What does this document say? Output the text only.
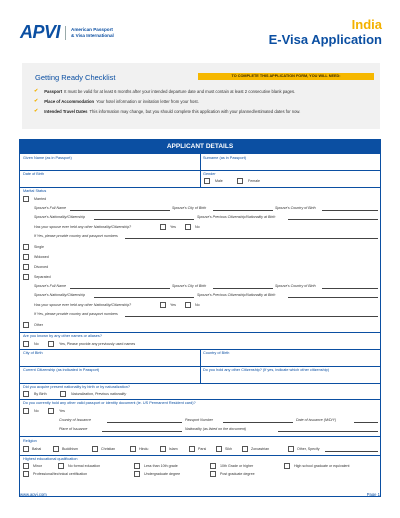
APVI American Passport
& Visa International
India
E-Visa Application
Getting Ready Checklist	TO COMPLETE THIS APPLICATION FORM, YOU WILL NEED:
✔ Passport It must be valid for at least 6 months after your intended departure date and must contain at least 2 consecutive blank pages.
✔ Place of Accommodation Your hotel information or invitation letter from your host.
✔ Intended Travel Dates This information may change, but you should complete this application with your planned/estimated dates for now.
APPLICANT DETAILS
Given Name (as in Passport)	Surname (as in Passport)
Date of Birth	Gender
Male	Female
Marital Status
Married
Spouse's Full Name	Spouse's City of Birth	Spouse's Country of Birth
Spouse's Nationality/Citizenship	Spouse's Previous Citizenship/Nationality at Birth
Has your spouse ever held any other Nationality/Citizenship?	Yes	No
If Yes, please provide country and passport numbers
Single
Widowed
Divorced
Separated
Spouse's Full Name	Spouse's City of Birth	Spouse's Country of Birth
Spouse's Nationality/Citizenship	Spouse's Previous Citizenship/Nationality at Birth
Has your spouse ever held any other Nationality/Citizenship?	Yes	No
If Yes, please provide country and passport numbers
Other
Are you known by any other names or aliases?
No	Yes, Please provide any previously used names
City of Birth	Country of Birth
Current Citizenship (as indicated in Passport)	Do you hold any other Citizenship? (If yes, indicate which other citizenship)
Did you acquire present nationality by birth or by naturalization?
By Birth	Naturalization, Previous nationality
Do you currently hold any other valid passport or identity document (ie. US Permanent Resident card)?
No	Yes
Country of Issuance	Passport Number	Date of issuance (M/D/Y)
Place of Issuance	Nationality (as listed on the document)
Religion
Bahai	Buddhism	Christian	Hindu	Islam	Parsi	Sikh	Zoroastrian	Other, Specify
Highest educational qualification
Minor	No formal education	Less than 10th grade	10th Grade or higher	High school graduate or equivalent
Professional/technical certification	Undergraduate degree	Post graduate degree
www.apvi.com	Page 1
